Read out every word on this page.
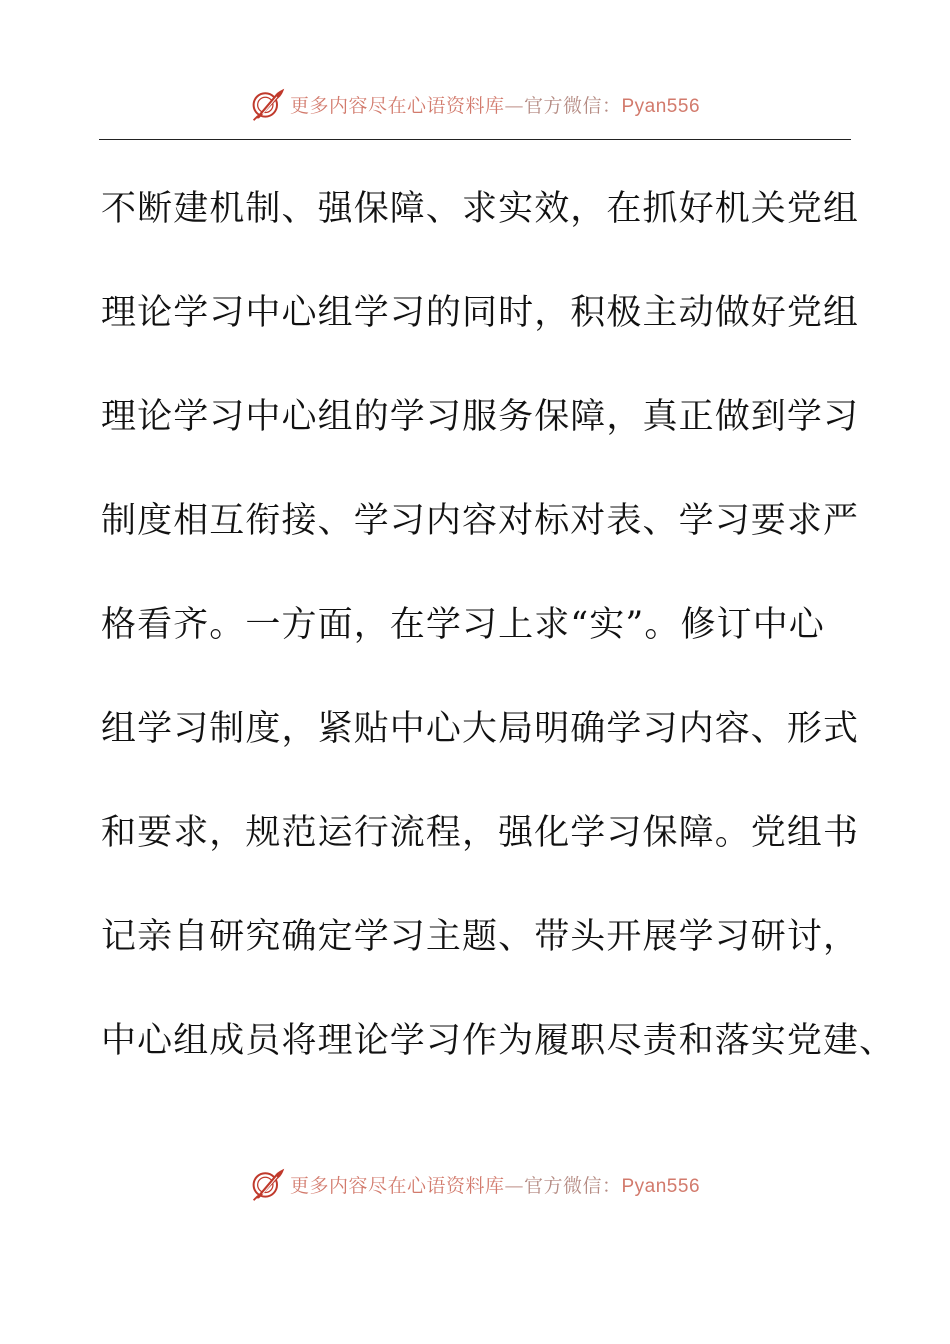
更多内容尽在心语资料库—官方微信：Pyan556
不断建机制、强保障、求实效，在抓好机关党组
理论学习中心组学习的同时，积极主动做好党组
理论学习中心组的学习服务保障，真正做到学习
制度相互衔接、学习内容对标对表、学习要求严
格看齐。一方面，在学习上求“实”。修订中心
组学习制度，紧贴中心大局明确学习内容、形式
和要求，规范运行流程，强化学习保障。党组书
记亲自研究确定学习主题、带头开展学习研讨，
中心组成员将理论学习作为履职尽责和落实党建、
更多内容尽在心语资料库—官方微信：Pyan556
